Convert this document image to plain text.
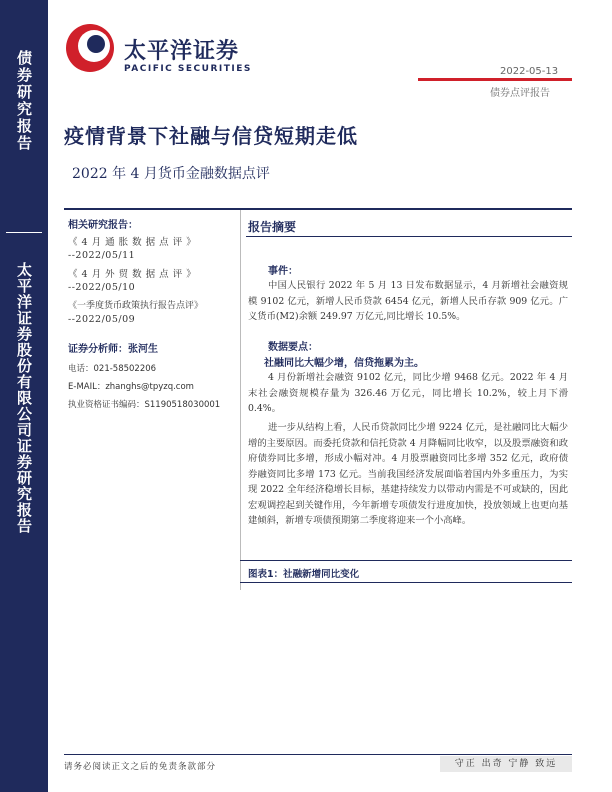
债券研究报告
太平洋证券股份有限公司证券研究报告
太平洋证券
PACIFIC SECURITIES	2022-05-13
债券点评报告
疫情背景下社融与信贷短期走低
2022 年 4 月货币金融数据点评
相关研究报告：
《 4 月 通 胀 数 据 点 评 》
--2022/05/11
《 4 月 外 贸 数 据 点 评 》
--2022/05/10
《一季度货币政策执行报告点评》
--2022/05/09
证券分析师：张河生
电话：021-58502206
E-MAIL：zhanghs@tpyzq.com
执业资格证书编码：S1190518030001
报告摘要
事件：
中国人民银行 2022 年 5 月 13 日发布数据显示，4 月新增社会融资规模 9102 亿元，新增人民币贷款 6454 亿元，新增人民币存款 909 亿元。广义货币(M2)余额 249.97 万亿元,同比增长 10.5%。
数据要点：
社融同比大幅少增，信贷拖累为主。
4 月份新增社会融资 9102 亿元，同比少增 9468 亿元。2022 年 4 月末社会融资规模存量为 326.46 万亿元，同比增长 10.2%，较上月下滑 0.4%。
进一步从结构上看，人民币贷款同比少增 9224 亿元，是社融同比大幅少增的主要原因。而委托贷款和信托贷款 4 月降幅同比收窄，以及股票融资和政府债券同比多增，形成小幅对冲。4 月股票融资同比多增 352 亿元，政府债券融资同比多增 173 亿元。当前我国经济发展面临着国内外多重压力，为实现 2022 全年经济稳增长目标，基建持续发力以带动内需是不可或缺的，因此宏观调控起到关键作用，今年新增专项债发行进度加快，投放领域上也更向基建倾斜，新增专项债预期第二季度将迎来一个小高峰。
图表1：社融新增同比变化
请务必阅读正文之后的免责条款部分	守正 出奇 宁静 致远
